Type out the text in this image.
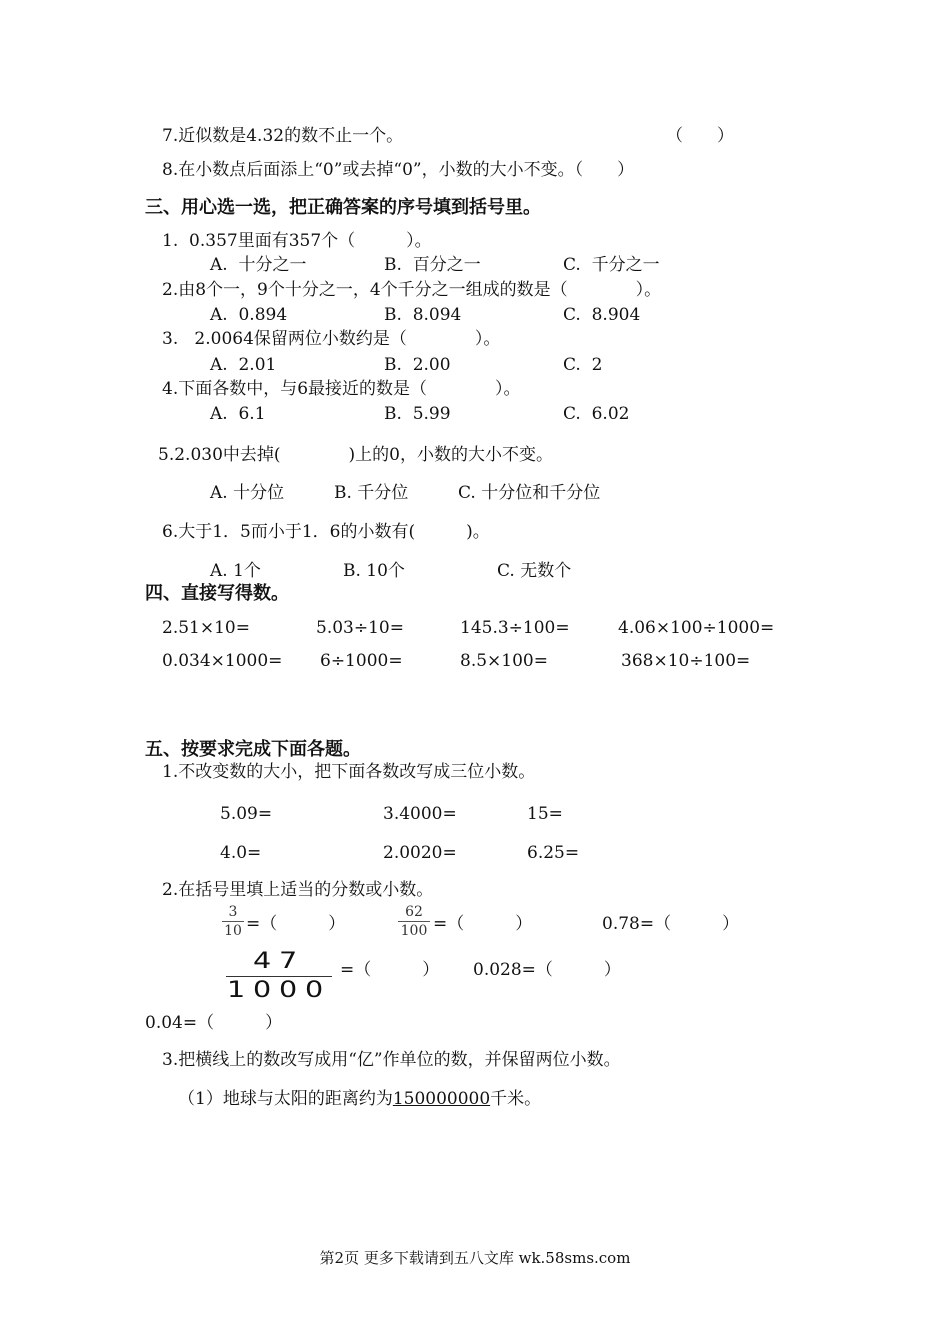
7.近似数是4.32的数不止一个。	（　　）
8.在小数点后面添上“0”或去掉“0”，小数的大小不变。（　　）
三、用心选一选，把正确答案的序号填到括号里。
1.  0.357里面有357个（　　　）。
A.  十分之一	B.  百分之一	C.  千分之一
2.由8个一，9个十分之一，4个千分之一组成的数是（　　　　）。
A.  0.894	B.  8.094	C.  8.904
3.   2.0064保留两位小数约是（　　　　）。
A.  2.01	B.  2.00	C.  2
4.下面各数中，与6最接近的数是（　　　　）。
A.  6.1	B.  5.99	C.  6.02
5.2.030中去掉(　　　　)上的0，小数的大小不变。
A. 十分位	B. 千分位	C. 十分位和千分位
6.大于1．5而小于1．6的小数有(　　　)。
A. 1个	B. 10个	C. 无数个
四、直接写得数。
2.51×10=	5.03÷10=	145.3÷100=	4.06×100÷1000=
0.034×1000= 6÷1000=	8.5×100=	368×10÷100=
五、按要求完成下面各题。
1.不改变数的大小，把下面各数改写成三位小数。
5.09=	3.4000=	15=
4.0=	2.0020=	6.25=
2.在括号里填上适当的分数或小数。
3
10 =（　　　）
62
100 =（　　　）	0.78=（　　　）
47
1000
=（　　　） 0.028=（　　　）
0.04=（　　　）
3.把横线上的数改写成用“亿”作单位的数，并保留两位小数。
（1）地球与太阳的距离约为150000000千米。
第2页 更多下载请到五八文库 wk.58sms.com
